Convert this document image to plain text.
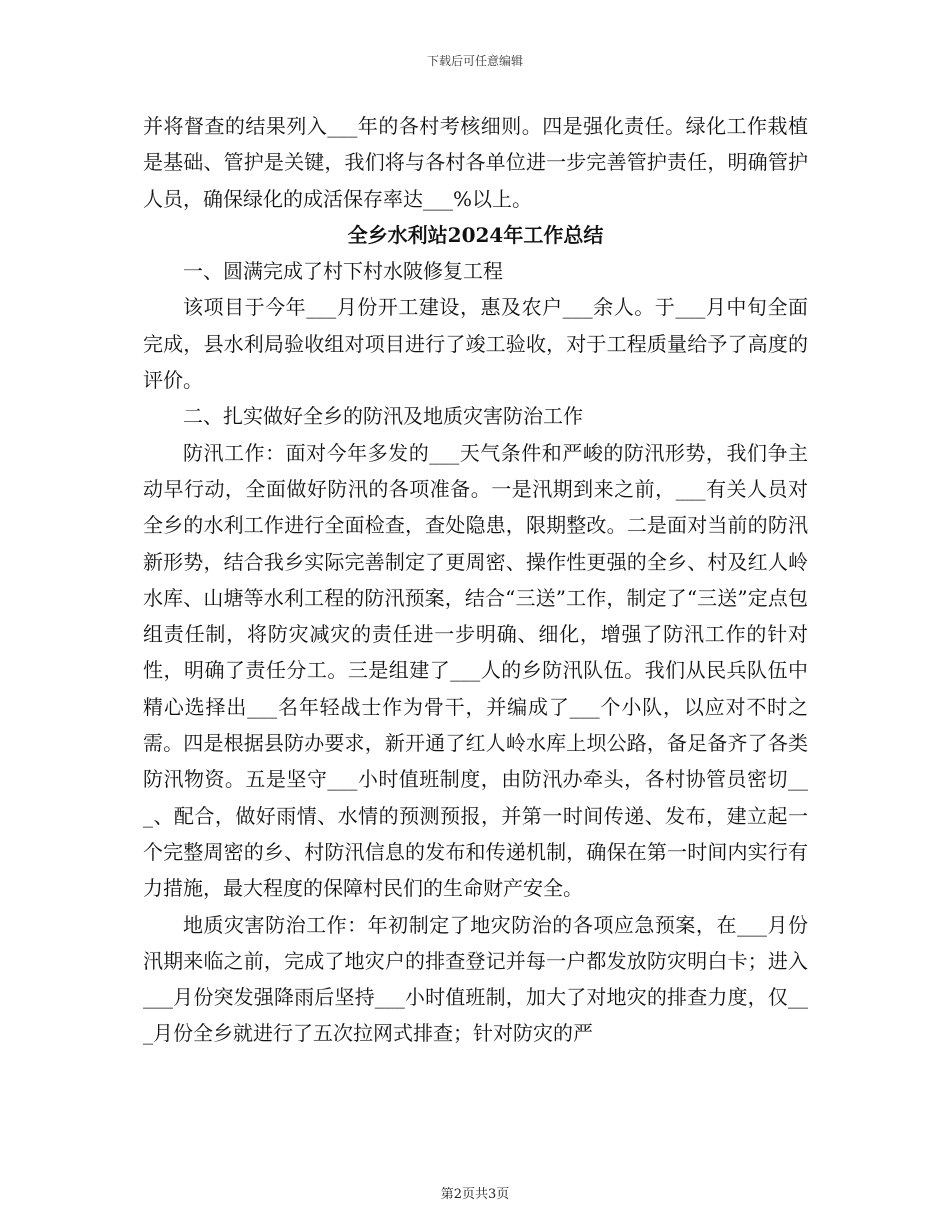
下载后可任意编辑

并将督查的结果列入___年的各村考核细则。四是强化责任。绿化工作栽植是基础、管护是关键，我们将与各村各单位进一步完善管护责任，明确管护人员，确保绿化的成活保存率达___%以上。

全乡水利站2024年工作总结

一、圆满完成了村下村水陂修复工程

该项目于今年___月份开工建设，惠及农户___余人。于___月中旬全面完成，县水利局验收组对项目进行了竣工验收，对于工程质量给予了高度的评价。

二、扎实做好全乡的防汛及地质灾害防治工作

防汛工作：面对今年多发的___天气条件和严峻的防汛形势，我们争主动早行动，全面做好防汛的各项准备。一是汛期到来之前，___有关人员对全乡的水利工作进行全面检查，查处隐患，限期整改。二是面对当前的防汛新形势，结合我乡实际完善制定了更周密、操作性更强的全乡、村及红人岭水库、山塘等水利工程的防汛预案，结合“三送”工作，制定了“三送”定点包组责任制，将防灾减灾的责任进一步明确、细化，增强了防汛工作的针对性，明确了责任分工。三是组建了___人的乡防汛队伍。我们从民兵队伍中精心选择出___名年轻战士作为骨干，并编成了___个小队，以应对不时之需。四是根据县防办要求，新开通了红人岭水库上坝公路，备足备齐了各类防汛物资。五是坚守___小时值班制度，由防汛办牵头，各村协管员密切___、配合，做好雨情、水情的预测预报，并第一时间传递、发布，建立起一个完整周密的乡、村防汛信息的发布和传递机制，确保在第一时间内实行有力措施，最大程度的保障村民们的生命财产安全。

地质灾害防治工作：年初制定了地灾防治的各项应急预案，在___月份汛期来临之前，完成了地灾户的排查登记并每一户都发放防灾明白卡；进入___月份突发强降雨后坚持___小时值班制，加大了对地灾的排查力度，仅___月份全乡就进行了五次拉网式排查；针对防灾的严

第2页共3页
